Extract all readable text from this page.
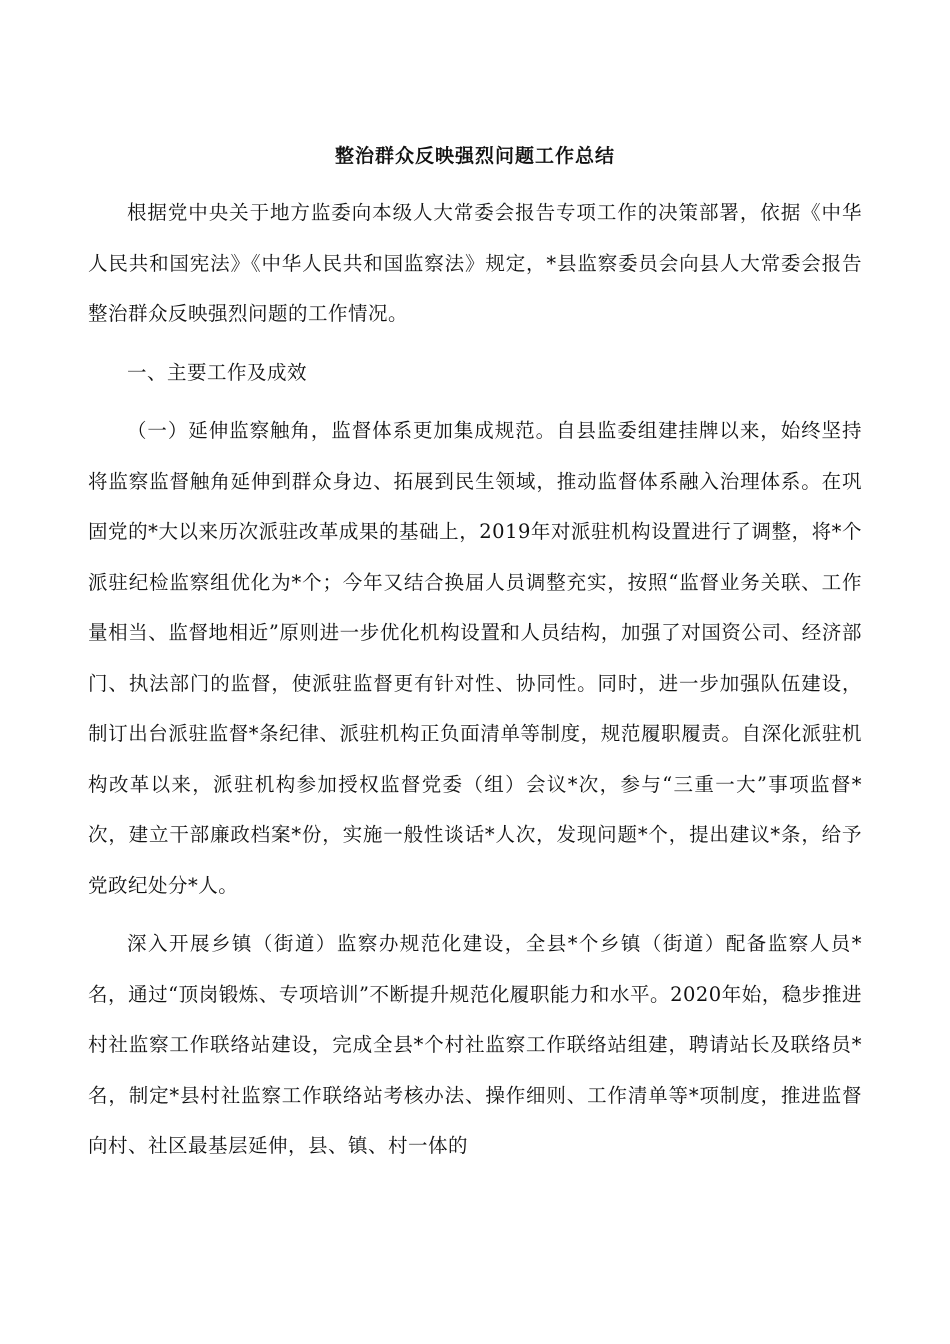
整治群众反映强烈问题工作总结

根据党中央关于地方监委向本级人大常委会报告专项工作的决策部署，依据《中华人民共和国宪法》《中华人民共和国监察法》规定，*县监察委员会向县人大常委会报告整治群众反映强烈问题的工作情况。

一、主要工作及成效

（一）延伸监察触角，监督体系更加集成规范。自县监委组建挂牌以来，始终坚持将监察监督触角延伸到群众身边、拓展到民生领域，推动监督体系融入治理体系。在巩固党的*大以来历次派驻改革成果的基础上，2019年对派驻机构设置进行了调整，将*个派驻纪检监察组优化为*个；今年又结合换届人员调整充实，按照“监督业务关联、工作量相当、监督地相近”原则进一步优化机构设置和人员结构，加强了对国资公司、经济部门、执法部门的监督，使派驻监督更有针对性、协同性。同时，进一步加强队伍建设，制订出台派驻监督*条纪律、派驻机构正负面清单等制度，规范履职履责。自深化派驻机构改革以来，派驻机构参加授权监督党委（组）会议*次，参与“三重一大”事项监督*次，建立干部廉政档案*份，实施一般性谈话*人次，发现问题*个，提出建议*条，给予党政纪处分*人。

深入开展乡镇（街道）监察办规范化建设，全县*个乡镇（街道）配备监察人员*名，通过“顶岗锻炼、专项培训”不断提升规范化履职能力和水平。2020年始，稳步推进村社监察工作联络站建设，完成全县*个村社监察工作联络站组建，聘请站长及联络员*名，制定*县村社监察工作联络站考核办法、操作细则、工作清单等*项制度，推进监督向村、社区最基层延伸，县、镇、村一体的
